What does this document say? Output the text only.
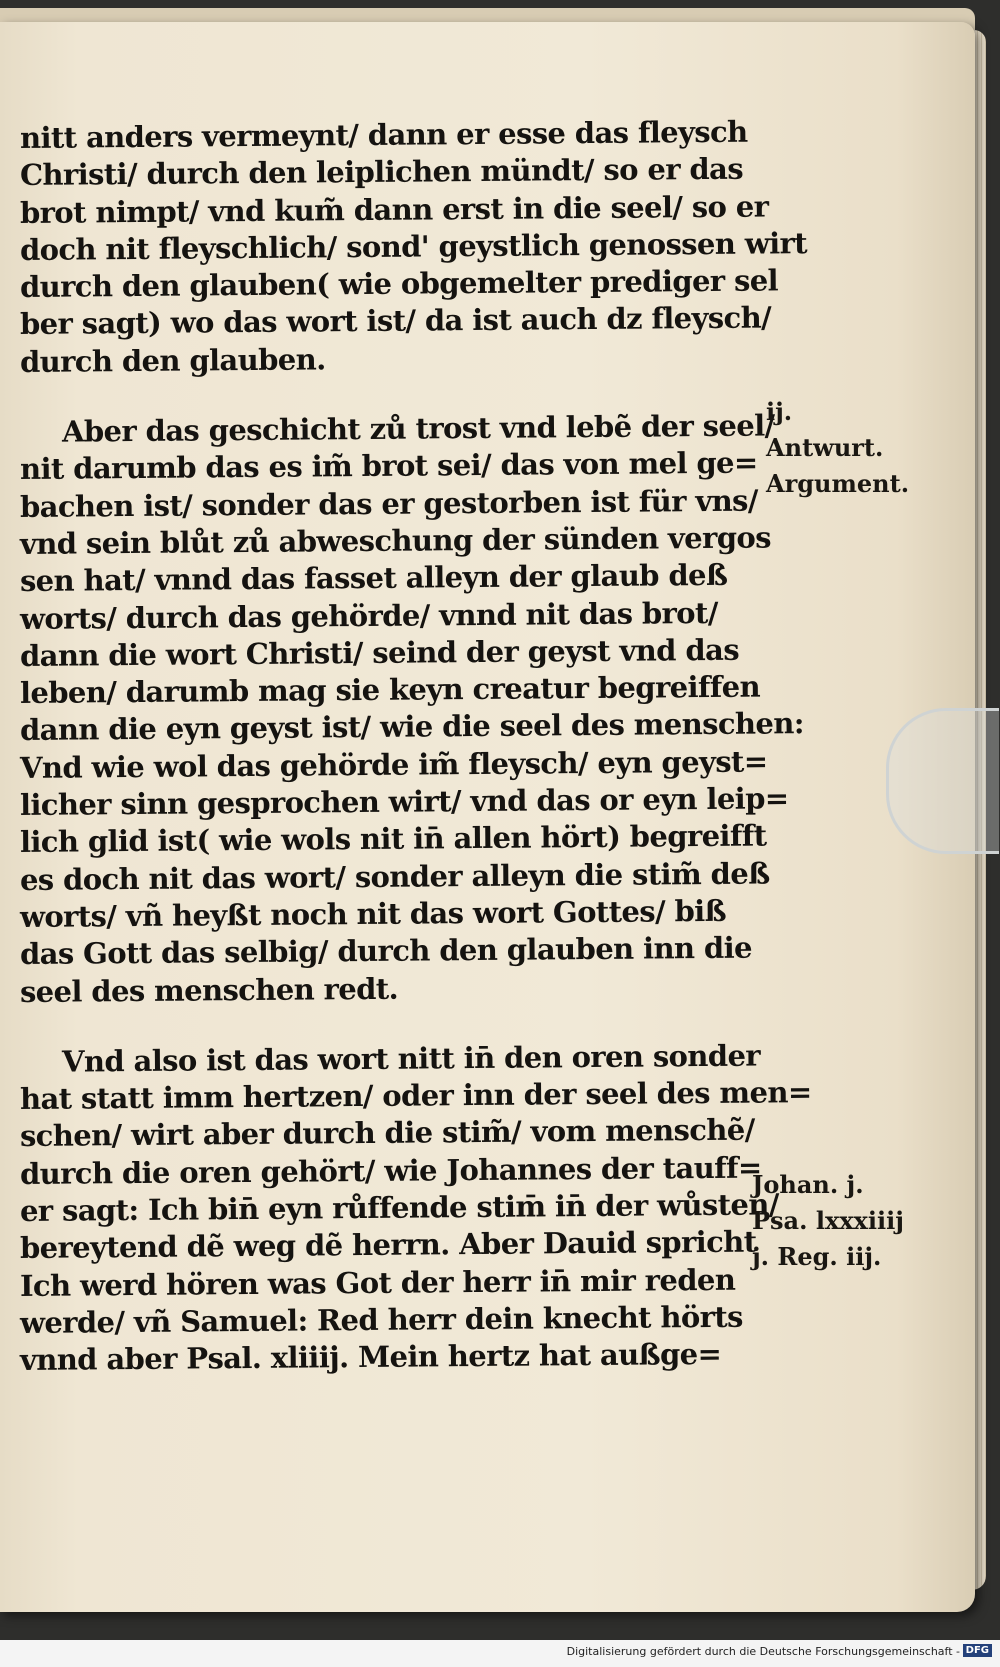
nitt anders vermeynt/ dann er esse das fleysch
Christi/ durch den leiplichen mündt/ so er das
brot nimpt/ vnd kum̃ dann erst in die seel/ so er
doch nit fleyschlich/ sond' geystlich genossen wirt
durch den glauben( wie obgemelter prediger sel
ber sagt) wo das wort ist/ da ist auch dz fleysch/
durch den glauben.

Aber das geschicht zů trost vnd lebẽ der seel/
nit darumb das es im̃ brot sei/ das von mel ge=
bachen ist/ sonder das er gestorben ist für vns/
vnd sein blůt zů abweschung der sünden vergos
sen hat/ vnnd das fasset alleyn der glaub deß
worts/ durch das gehörde/ vnnd nit das brot/
dann die wort Christi/ seind der geyst vnd das
leben/ darumb mag sie keyn creatur begreiffen
dann die eyn geyst ist/ wie die seel des menschen:
Vnd wie wol das gehörde im̃ fleysch/ eyn geyst=
licher sinn gesprochen wirt/ vnd das or eyn leip=
lich glid ist( wie wols nit in̄ allen hört) begreifft
es doch nit das wort/ sonder alleyn die stim̃ deß
worts/ vñ heyßt noch nit das wort Gottes/ biß
das Gott das selbig/ durch den glauben inn die
seel des menschen redt.

Vnd also ist das wort nitt in̄ den oren sonder
hat statt imm hertzen/ oder inn der seel des men=
schen/ wirt aber durch die stim̃/ vom menschẽ/
durch die oren gehört/ wie Johannes der tauff=
er sagt: Ich bin̄ eyn růffende stim̄ in̄ der wůsten/
bereytend dẽ weg dẽ herrn. Aber Dauid spricht
Ich werd hören was Got der herr in̄ mir reden
werde/ vñ Samuel: Red herr dein knecht hörts
vnnd aber Psal. xliiij. Mein hertz hat außge=

ij.
Antwurt.
Argument.
Johan. j.
Psa. lxxxiiij
j. Reg. iij.
Digitalisierung gefördert durch die Deutsche Forschungsgemeinschaft - DFG
